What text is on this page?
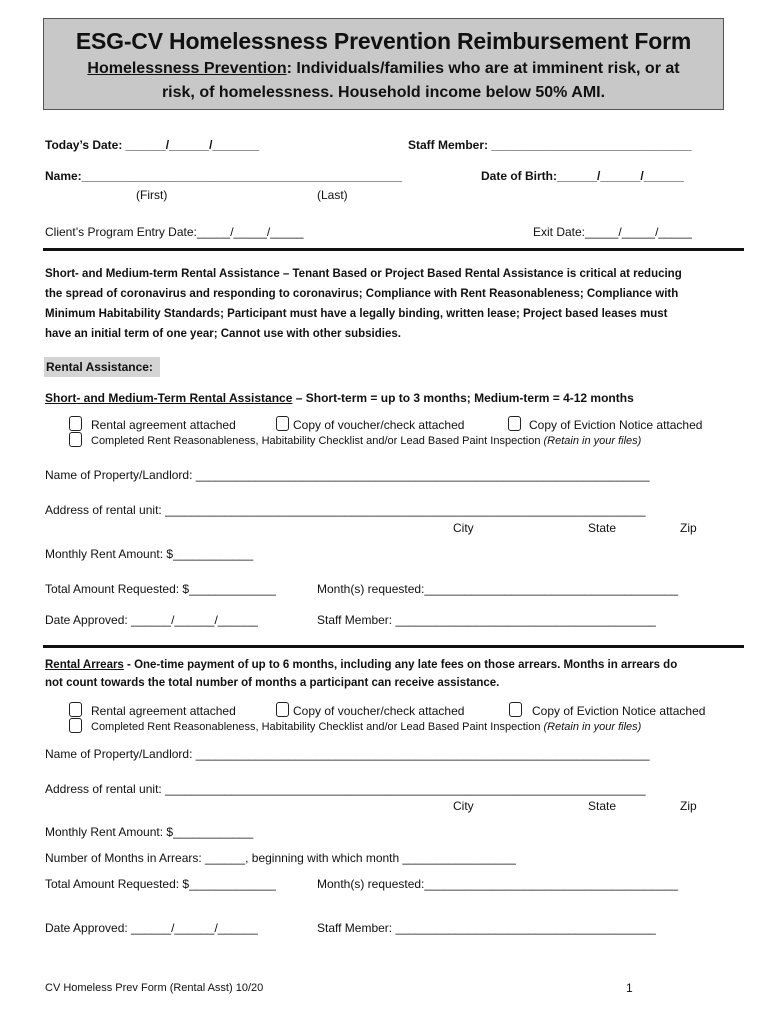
ESG-CV Homelessness Prevention Reimbursement Form
Homelessness Prevention: Individuals/families who are at imminent risk, or at
risk, of homelessness. Household income below 50% AMI.
Today’s Date: ______/______/_______	Staff Member: ______________________________
Name:________________________________________________	Date of Birth:______/______/______
(First)	(Last)
Client’s Program Entry Date:_____/_____/_____	Exit Date:_____/_____/_____
Short- and Medium-term Rental Assistance – Tenant Based or Project Based Rental Assistance is critical at reducing
the spread of coronavirus and responding to coronavirus; Compliance with Rent Reasonableness; Compliance with
Minimum Habitability Standards; Participant must have a legally binding, written lease; Project based leases must
have an initial term of one year; Cannot use with other subsidies.
Rental Assistance:
Short- and Medium-Term Rental Assistance – Short-term = up to 3 months; Medium-term = 4-12 months
Rental agreement attached	Copy of voucher/check attached	Copy of Eviction Notice attached
Completed Rent Reasonableness, Habitability Checklist and/or Lead Based Paint Inspection (Retain in your files)
Name of Property/Landlord: ____________________________________________________________________
Address of rental unit: ________________________________________________________________________
City	State	Zip
Monthly Rent Amount: $____________
Total Amount Requested: $_____________	Month(s) requested:______________________________________
Date Approved: ______/______/______	Staff Member: _______________________________________
Rental Arrears - One-time payment of up to 6 months, including any late fees on those arrears. Months in arrears do
not count towards the total number of months a participant can receive assistance.
Rental agreement attached	Copy of voucher/check attached	Copy of Eviction Notice attached
Completed Rent Reasonableness, Habitability Checklist and/or Lead Based Paint Inspection (Retain in your files)
Name of Property/Landlord: ____________________________________________________________________
Address of rental unit: ________________________________________________________________________
City	State	Zip
Monthly Rent Amount: $____________
Number of Months in Arrears: ______, beginning with which month _________________
Total Amount Requested: $_____________	Month(s) requested:______________________________________
Date Approved: ______/______/______	Staff Member: _______________________________________
CV Homeless Prev Form (Rental Asst) 10/20	1
